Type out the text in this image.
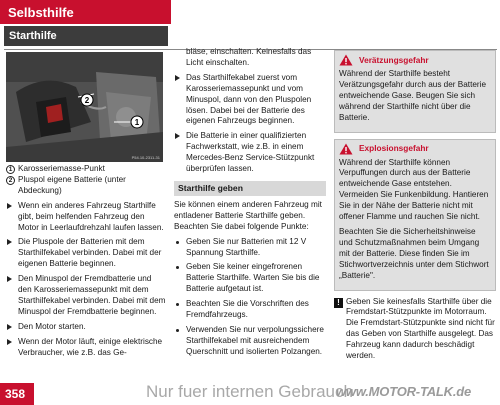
Selbsthilfe
Starthilfe
2
1
P54.10-2311-31
1 Karosseriemasse-Punkt
2 Pluspol eigene Batterie (unter Abdeckung)
Wenn ein anderes Fahrzeug Starthilfe gibt, beim helfenden Fahrzeug den Motor in Leerlaufdrehzahl laufen lassen.
Die Pluspole der Batterien mit dem Starthilfekabel verbinden. Dabei mit der eigenen Batterie beginnen.
Den Minuspol der Fremdbatterie und den Karosseriemassepunkt mit dem Starthilfekabel verbinden. Dabei mit dem Minuspol der Fremdbatterie beginnen.
Den Motor starten.
Wenn der Motor läuft, einige elektrische Verbraucher, wie z.B. das Ge-
bläse, einschalten. Keinesfalls das Licht einschalten.
Das Starthilfekabel zuerst vom Karosseriemassepunkt und vom Minuspol, dann von den Pluspolen lösen. Dabei bei der Batterie des eigenen Fahrzeugs beginnen.
Die Batterie in einer qualifizierten Fachwerkstatt, wie z.B. in einem Mercedes-Benz Service-Stützpunkt überprüfen lassen.
Starthilfe geben
Sie können einem anderen Fahrzeug mit entladener Batterie Starthilfe geben. Beachten Sie dabei folgende Punkte:
Geben Sie nur Batterien mit 12 V Spannung Starthilfe.
Geben Sie keiner eingefrorenen Batterie Starthilfe. Warten Sie bis die Batterie aufgetaut ist.
Beachten Sie die Vorschriften des Fremdfahrzeugs.
Verwenden Sie nur verpolungssichere Starthilfekabel mit ausreichendem Querschnitt und isolierten Polzangen.
Verätzungsgefahr

Während der Starthilfe besteht Verätzungsgefahr durch aus der Batterie entweichende Gase. Beugen Sie sich während der Starthilfe nicht über die Batterie.

Explosionsgefahr

Während der Starthilfe können Verpuffungen durch aus der Batterie entweichende Gase entstehen. Vermeiden Sie Funkenbildung. Hantieren Sie in der Nähe der Batterie nicht mit offener Flamme und rauchen Sie nicht.

Beachten Sie die Sicherheitshinweise und Schutzmaßnahmen beim Umgang mit der Batterie. Diese finden Sie im Stichwortverzeichnis unter dem Stichwort „Batterie".

! Geben Sie keinesfalls Starthilfe über die Fremdstart-Stützpunkte im Motorraum. Die Fremdstart-Stützpunkte sind nicht für das Geben von Starthilfe ausgelegt. Das Fahrzeug kann dadurch beschädigt werden.
358	Nur fuer internen Gebrauch
www.MOTOR-TALK.de
